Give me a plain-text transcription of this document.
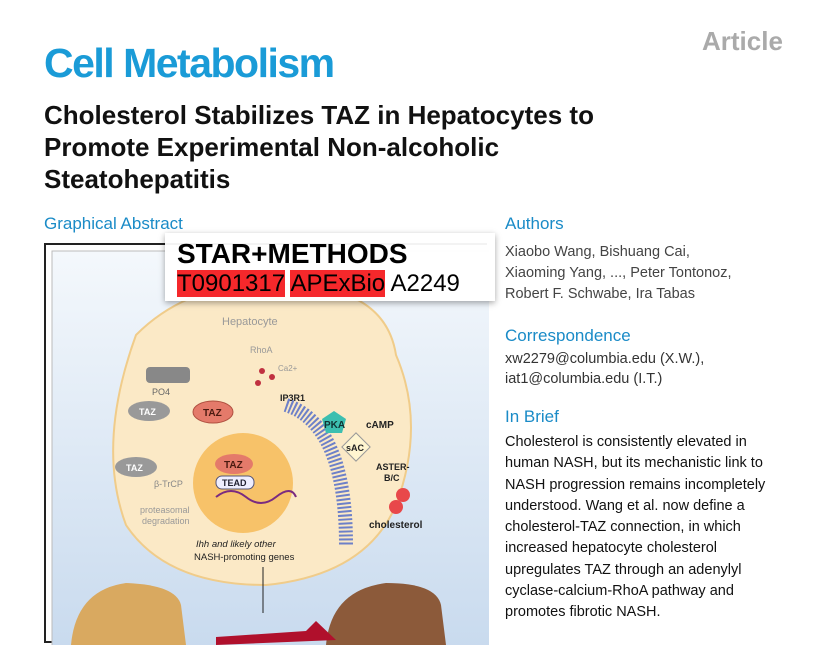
Cell Metabolism	Article
Cholesterol Stabilizes TAZ in Hepatocytes to
Promote Experimental Non-alcoholic
Steatohepatitis
Graphical Abstract	Authors
Xiaobo Wang, Bishuang Cai,
Xiaoming Yang, ..., Peter Tontonoz,
Robert F. Schwabe, Ira Tabas
Correspondence
xw2279@columbia.edu (X.W.),
iat1@columbia.edu (I.T.)
In Brief
Cholesterol is consistently elevated in
human NASH, but its mechanistic link to
NASH progression remains incompletely
understood. Wang et al. now define a
cholesterol-TAZ connection, in which
increased hepatocyte cholesterol
upregulates TAZ through an adenylyl
cyclase-calcium-RhoA pathway and
promotes fibrotic NASH.
Hepatocyte
RhoA
Ca2+
PO4
TAZ
TAZ
β-TrCP
proteasomal
degradation
TAZ
TAZ
TEAD
IP3R1
PKA cAMP
sAC
ASTER-
B/C
cholesterol
Ihh and likely other
NASH-promoting genes
STAR+METHODS
T0901317 APExBio A2249
